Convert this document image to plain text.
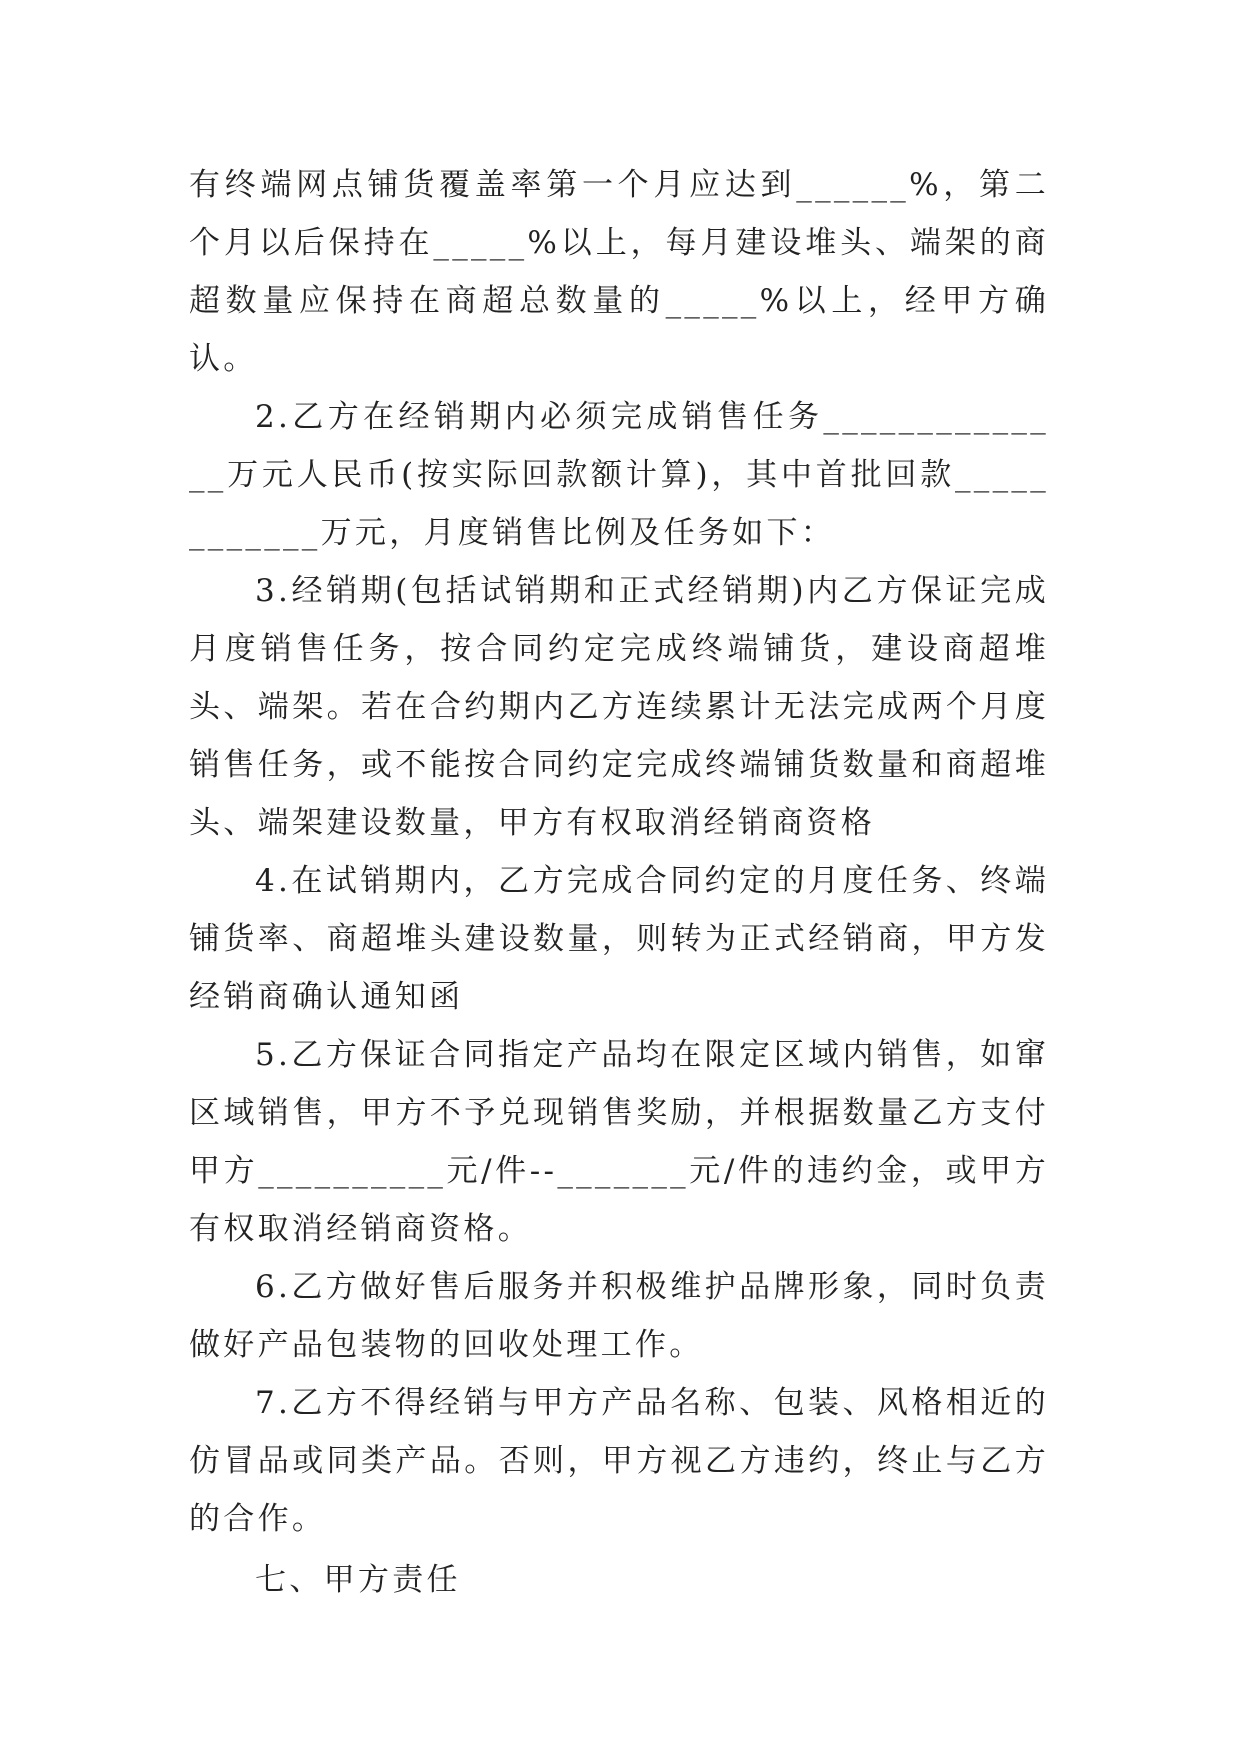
有终端网点铺货覆盖率第一个月应达到______%，第二个月以后保持在_____%以上，每月建设堆头、端架的商超数量应保持在商超总数量的_____%以上，经甲方确认。

2.乙方在经销期内必须完成销售任务______________万元人民币(按实际回款额计算)，其中首批回款____________万元，月度销售比例及任务如下：

3.经销期(包括试销期和正式经销期)内乙方保证完成月度销售任务，按合同约定完成终端铺货，建设商超堆头、端架。若在合约期内乙方连续累计无法完成两个月度销售任务，或不能按合同约定完成终端铺货数量和商超堆头、端架建设数量，甲方有权取消经销商资格

4.在试销期内，乙方完成合同约定的月度任务、终端铺货率、商超堆头建设数量，则转为正式经销商，甲方发经销商确认通知函

5.乙方保证合同指定产品均在限定区域内销售，如窜区域销售，甲方不予兑现销售奖励，并根据数量乙方支付甲方__________元/件--_______元/件的违约金，或甲方有权取消经销商资格。

6.乙方做好售后服务并积极维护品牌形象，同时负责做好产品包装物的回收处理工作。

7.乙方不得经销与甲方产品名称、包装、风格相近的仿冒品或同类产品。否则，甲方视乙方违约，终止与乙方的合作。

七、甲方责任
